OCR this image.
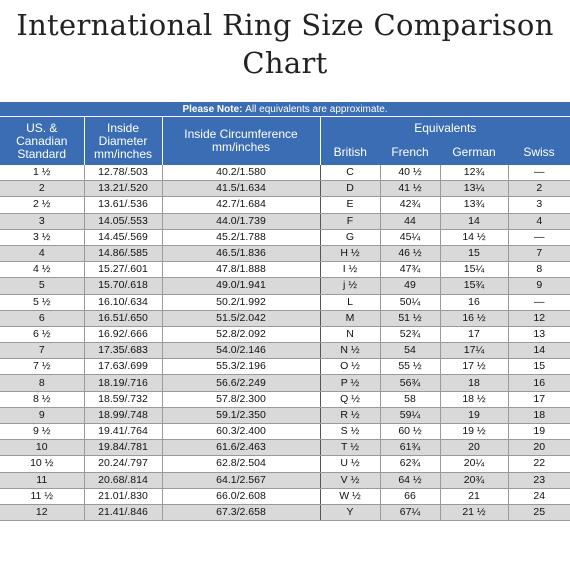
International Ring Size Comparison
Chart
Please Note: All equivalents are approximate.						
US. & Canadian Standard	Inside Diameter mm/inches	Inside Circumference mm/inches	Equivalents			
			British	French	German	Swiss
1 ½	12.78/.503	40.2/1.580	C	40 ½	12¾	—
2	13.21/.520	41.5/1.634	D	41 ½	13¼	2
2 ½	13.61/.536	42.7/1.684	E	42¾	13¾	3
3	14.05/.553	44.0/1.739	F	44	14	4
3 ½	14.45/.569	45.2/1.788	G	45¼	14 ½	—
4	14.86/.585	46.5/1.836	H ½	46 ½	15	7
4 ½	15.27/.601	47.8/1.888	I ½	47¾	15¼	8
5	15.70/.618	49.0/1.941	j ½	49	15¾	9
5 ½	16.10/.634	50.2/1.992	L	50¼	16	—
6	16.51/.650	51.5/2.042	M	51 ½	16 ½	12
6 ½	16.92/.666	52.8/2.092	N	52¾	17	13
7	17.35/.683	54.0/2.146	N ½	54	17¼	14
7 ½	17.63/.699	55.3/2.196	O ½	55 ½	17 ½	15
8	18.19/.716	56.6/2.249	P ½	56¾	18	16
8 ½	18.59/.732	57.8/2.300	Q ½	58	18 ½	17
9	18.99/.748	59.1/2.350	R ½	59¼	19	18
9 ½	19.41/.764	60.3/2.400	S ½	60 ½	19 ½	19
10	19.84/.781	61.6/2.463	T ½	61¾	20	20
10 ½	20.24/.797	62.8/2.504	U ½	62¾	20¼	22
11	20.68/.814	64.1/2.567	V ½	64 ½	20¾	23
11 ½	21.01/.830	66.0/2.608	W ½	66	21	24
12	21.41/.846	67.3/2.658	Y	67¼	21 ½	25
